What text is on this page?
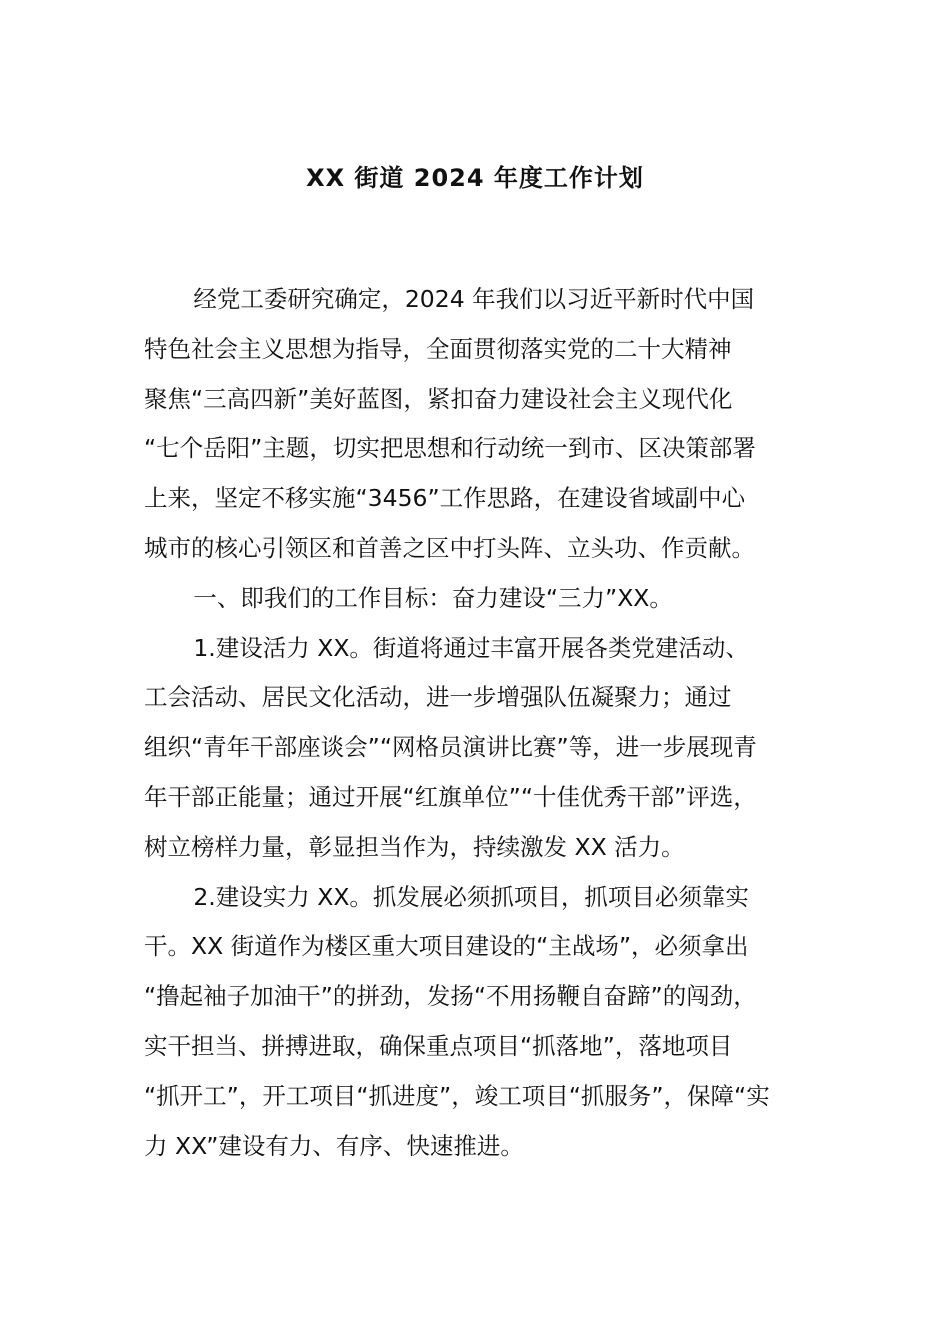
XX 街道 2024 年度工作计划
经党工委研究确定，2024 年我们以习近平新时代中国
特色社会主义思想为指导，全面贯彻落实党的二十大精神
聚焦“三高四新”美好蓝图，紧扣奋力建设社会主义现代化
“七个岳阳”主题，切实把思想和行动统一到市、区决策部署
上来，坚定不移实施“3456”工作思路，在建设省域副中心
城市的核心引领区和首善之区中打头阵、立头功、作贡献。
一、即我们的工作目标：奋力建设“三力”XX。
1.建设活力 XX。街道将通过丰富开展各类党建活动、
工会活动、居民文化活动，进一步增强队伍凝聚力；通过
组织“青年干部座谈会”“网格员演讲比赛”等，进一步展现青
年干部正能量；通过开展“红旗单位”“十佳优秀干部”评选，
树立榜样力量，彰显担当作为，持续激发 XX 活力。
2.建设实力 XX。抓发展必须抓项目，抓项目必须靠实
干。XX 街道作为楼区重大项目建设的“主战场”，必须拿出
“撸起袖子加油干”的拼劲，发扬“不用扬鞭自奋蹄”的闯劲，
实干担当、拼搏进取，确保重点项目“抓落地”，落地项目
“抓开工”，开工项目“抓进度”，竣工项目“抓服务”，保障“实
力 XX”建设有力、有序、快速推进。
